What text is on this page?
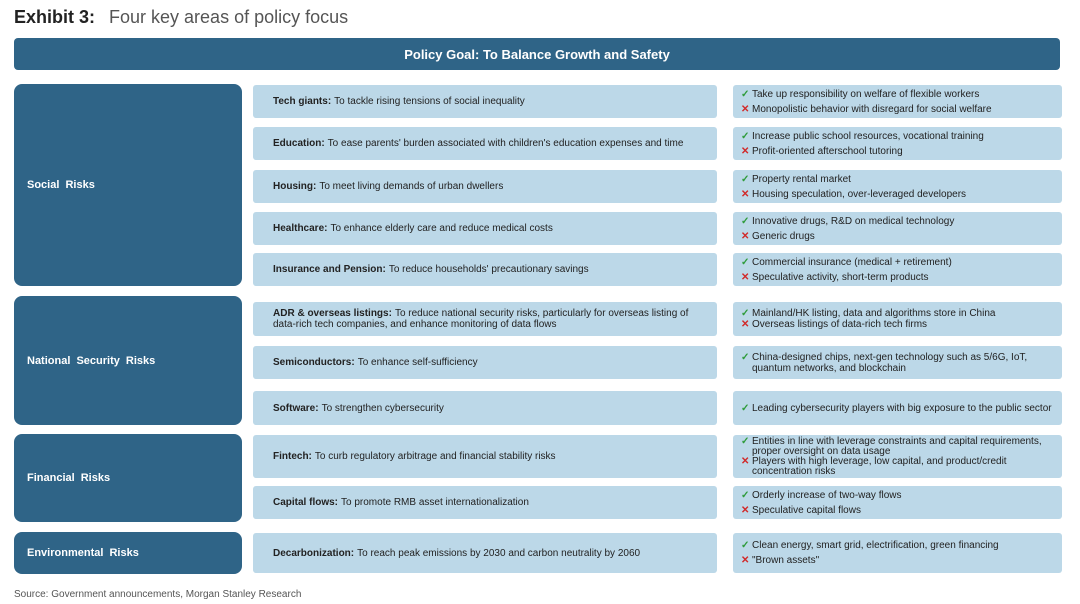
Exhibit 3: Four key areas of policy focus
Policy Goal: To Balance Growth and Safety
Social Risks
National Security Risks
Financial Risks
Environmental Risks
Tech giants: To tackle rising tensions of social inequality
✓ Take up responsibility on welfare of flexible workers
✕ Monopolistic behavior with disregard for social welfare
Education: To ease parents' burden associated with children's education expenses and time
✓ Increase public school resources, vocational training
✕ Profit-oriented afterschool tutoring
Housing: To meet living demands of urban dwellers
✓ Property rental market
✕ Housing speculation, over-leveraged developers
Healthcare: To enhance elderly care and reduce medical costs
✓ Innovative drugs, R&D on medical technology
✕ Generic drugs
Insurance and Pension: To reduce households' precautionary savings
✓ Commercial insurance (medical + retirement)
✕ Speculative activity, short-term products
ADR & overseas listings: To reduce national security risks, particularly for overseas listing of data-rich tech companies, and enhance monitoring of data flows
✓ Mainland/HK listing, data and algorithms store in China
✕ Overseas listings of data-rich tech firms
Semiconductors: To enhance self-sufficiency	✓ China-designed chips, next-gen technology such as 5/6G, IoT, quantum networks, and blockchain
Software: To strengthen cybersecurity	✓ Leading cybersecurity players with big exposure to the public sector
Fintech: To curb regulatory arbitrage and financial stability risks
✓ Entities in line with leverage constraints and capital requirements, proper oversight on data usage
✕ Players with high leverage, low capital, and product/credit concentration risks
Capital flows: To promote RMB asset internationalization
✓ Orderly increase of two-way flows
✕ Speculative capital flows
Decarbonization: To reach peak emissions by 2030 and carbon neutrality by 2060
✓ Clean energy, smart grid, electrification, green financing
✕ "Brown assets"
Source: Government announcements, Morgan Stanley Research
